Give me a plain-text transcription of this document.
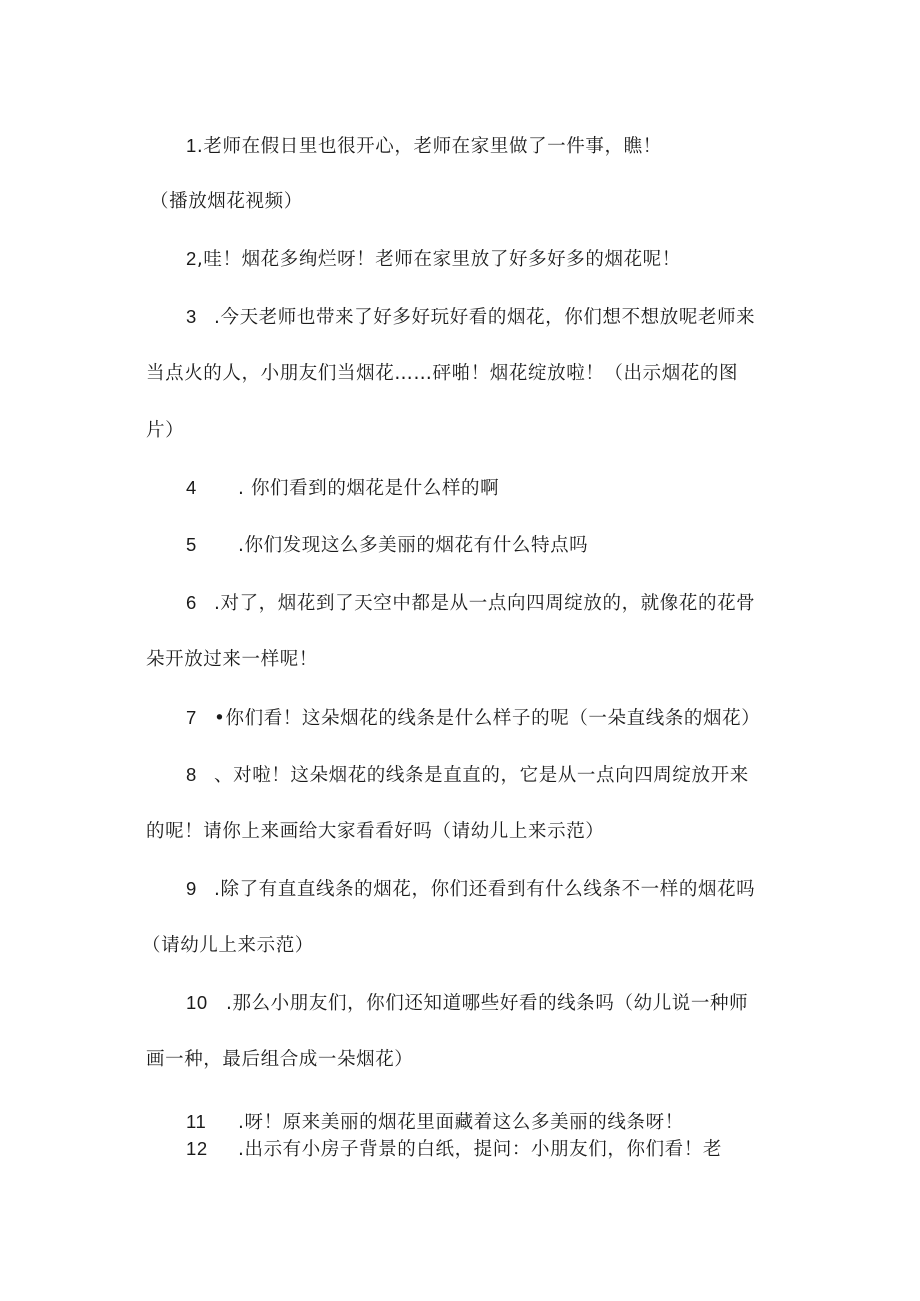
1.老师在假日里也很开心，老师在家里做了一件事，瞧！
（播放烟花视频）
2,哇！烟花多绚烂呀！老师在家里放了好多好多的烟花呢！
3 .今天老师也带来了好多好玩好看的烟花，你们想不想放呢老师来
当点火的人，小朋友们当烟花……砰啪！烟花绽放啦！（出示烟花的图
片）
4 . 你们看到的烟花是什么样的啊
5 .你们发现这么多美丽的烟花有什么特点吗
6 .对了，烟花到了天空中都是从一点向四周绽放的，就像花的花骨
朵开放过来一样呢！
7 •你们看！这朵烟花的线条是什么样子的呢（一朵直线条的烟花）
8 、对啦！这朵烟花的线条是直直的，它是从一点向四周绽放开来
的呢！请你上来画给大家看看好吗（请幼儿上来示范）
9 .除了有直直线条的烟花，你们还看到有什么线条不一样的烟花吗
（请幼儿上来示范）
10 .那么小朋友们，你们还知道哪些好看的线条吗（幼儿说一种师
画一种，最后组合成一朵烟花）
11 .呀！原来美丽的烟花里面藏着这么多美丽的线条呀！
12 .出示有小房子背景的白纸，提问：小朋友们，你们看！老
